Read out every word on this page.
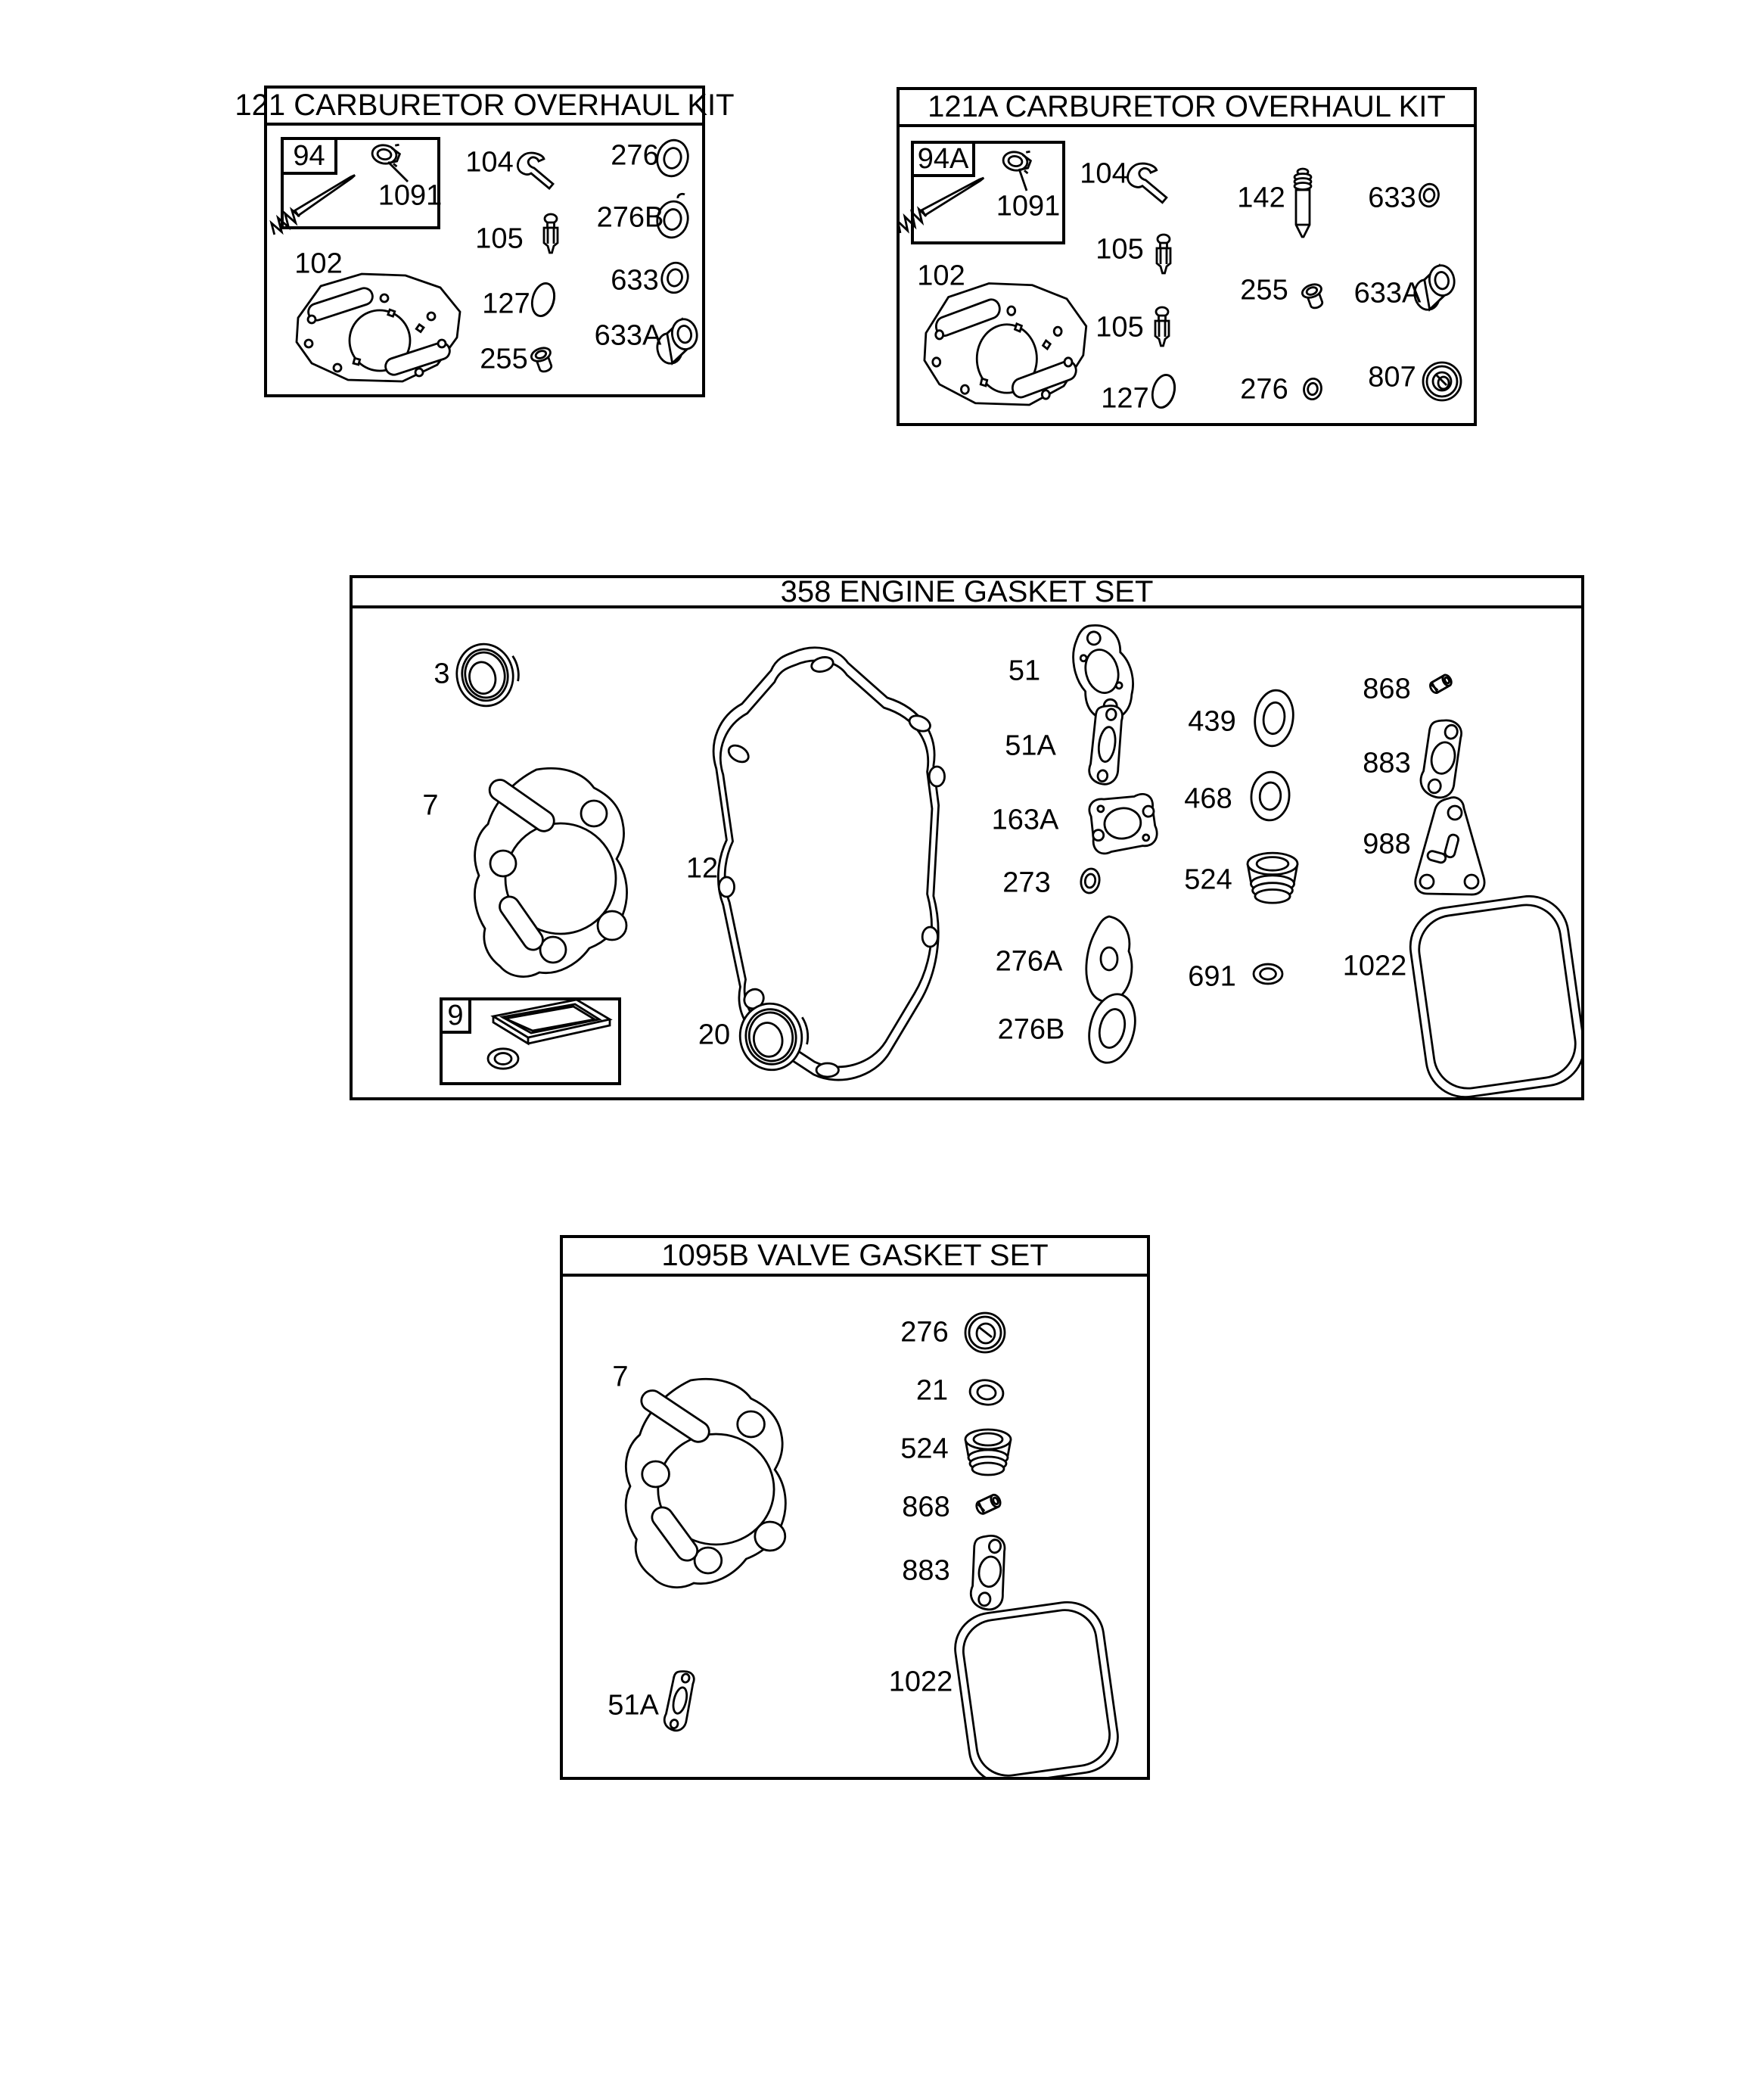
121 CARBURETOR OVERHAUL KIT
94
1091
104	276
105
276B
102
127
633
633A
255
121A CARBURETOR OVERHAUL KIT
94A
1091
104
142	633
105
255 633A
105
102
127	276	807
358 ENGINE GASKET SET
9
3
7
12
20
51
51A
163A
273
276A
276B
439
468
524
691
868
883
988
1022
1095B VALVE GASKET SET
7
276
21
524
868
883
51A
1022
